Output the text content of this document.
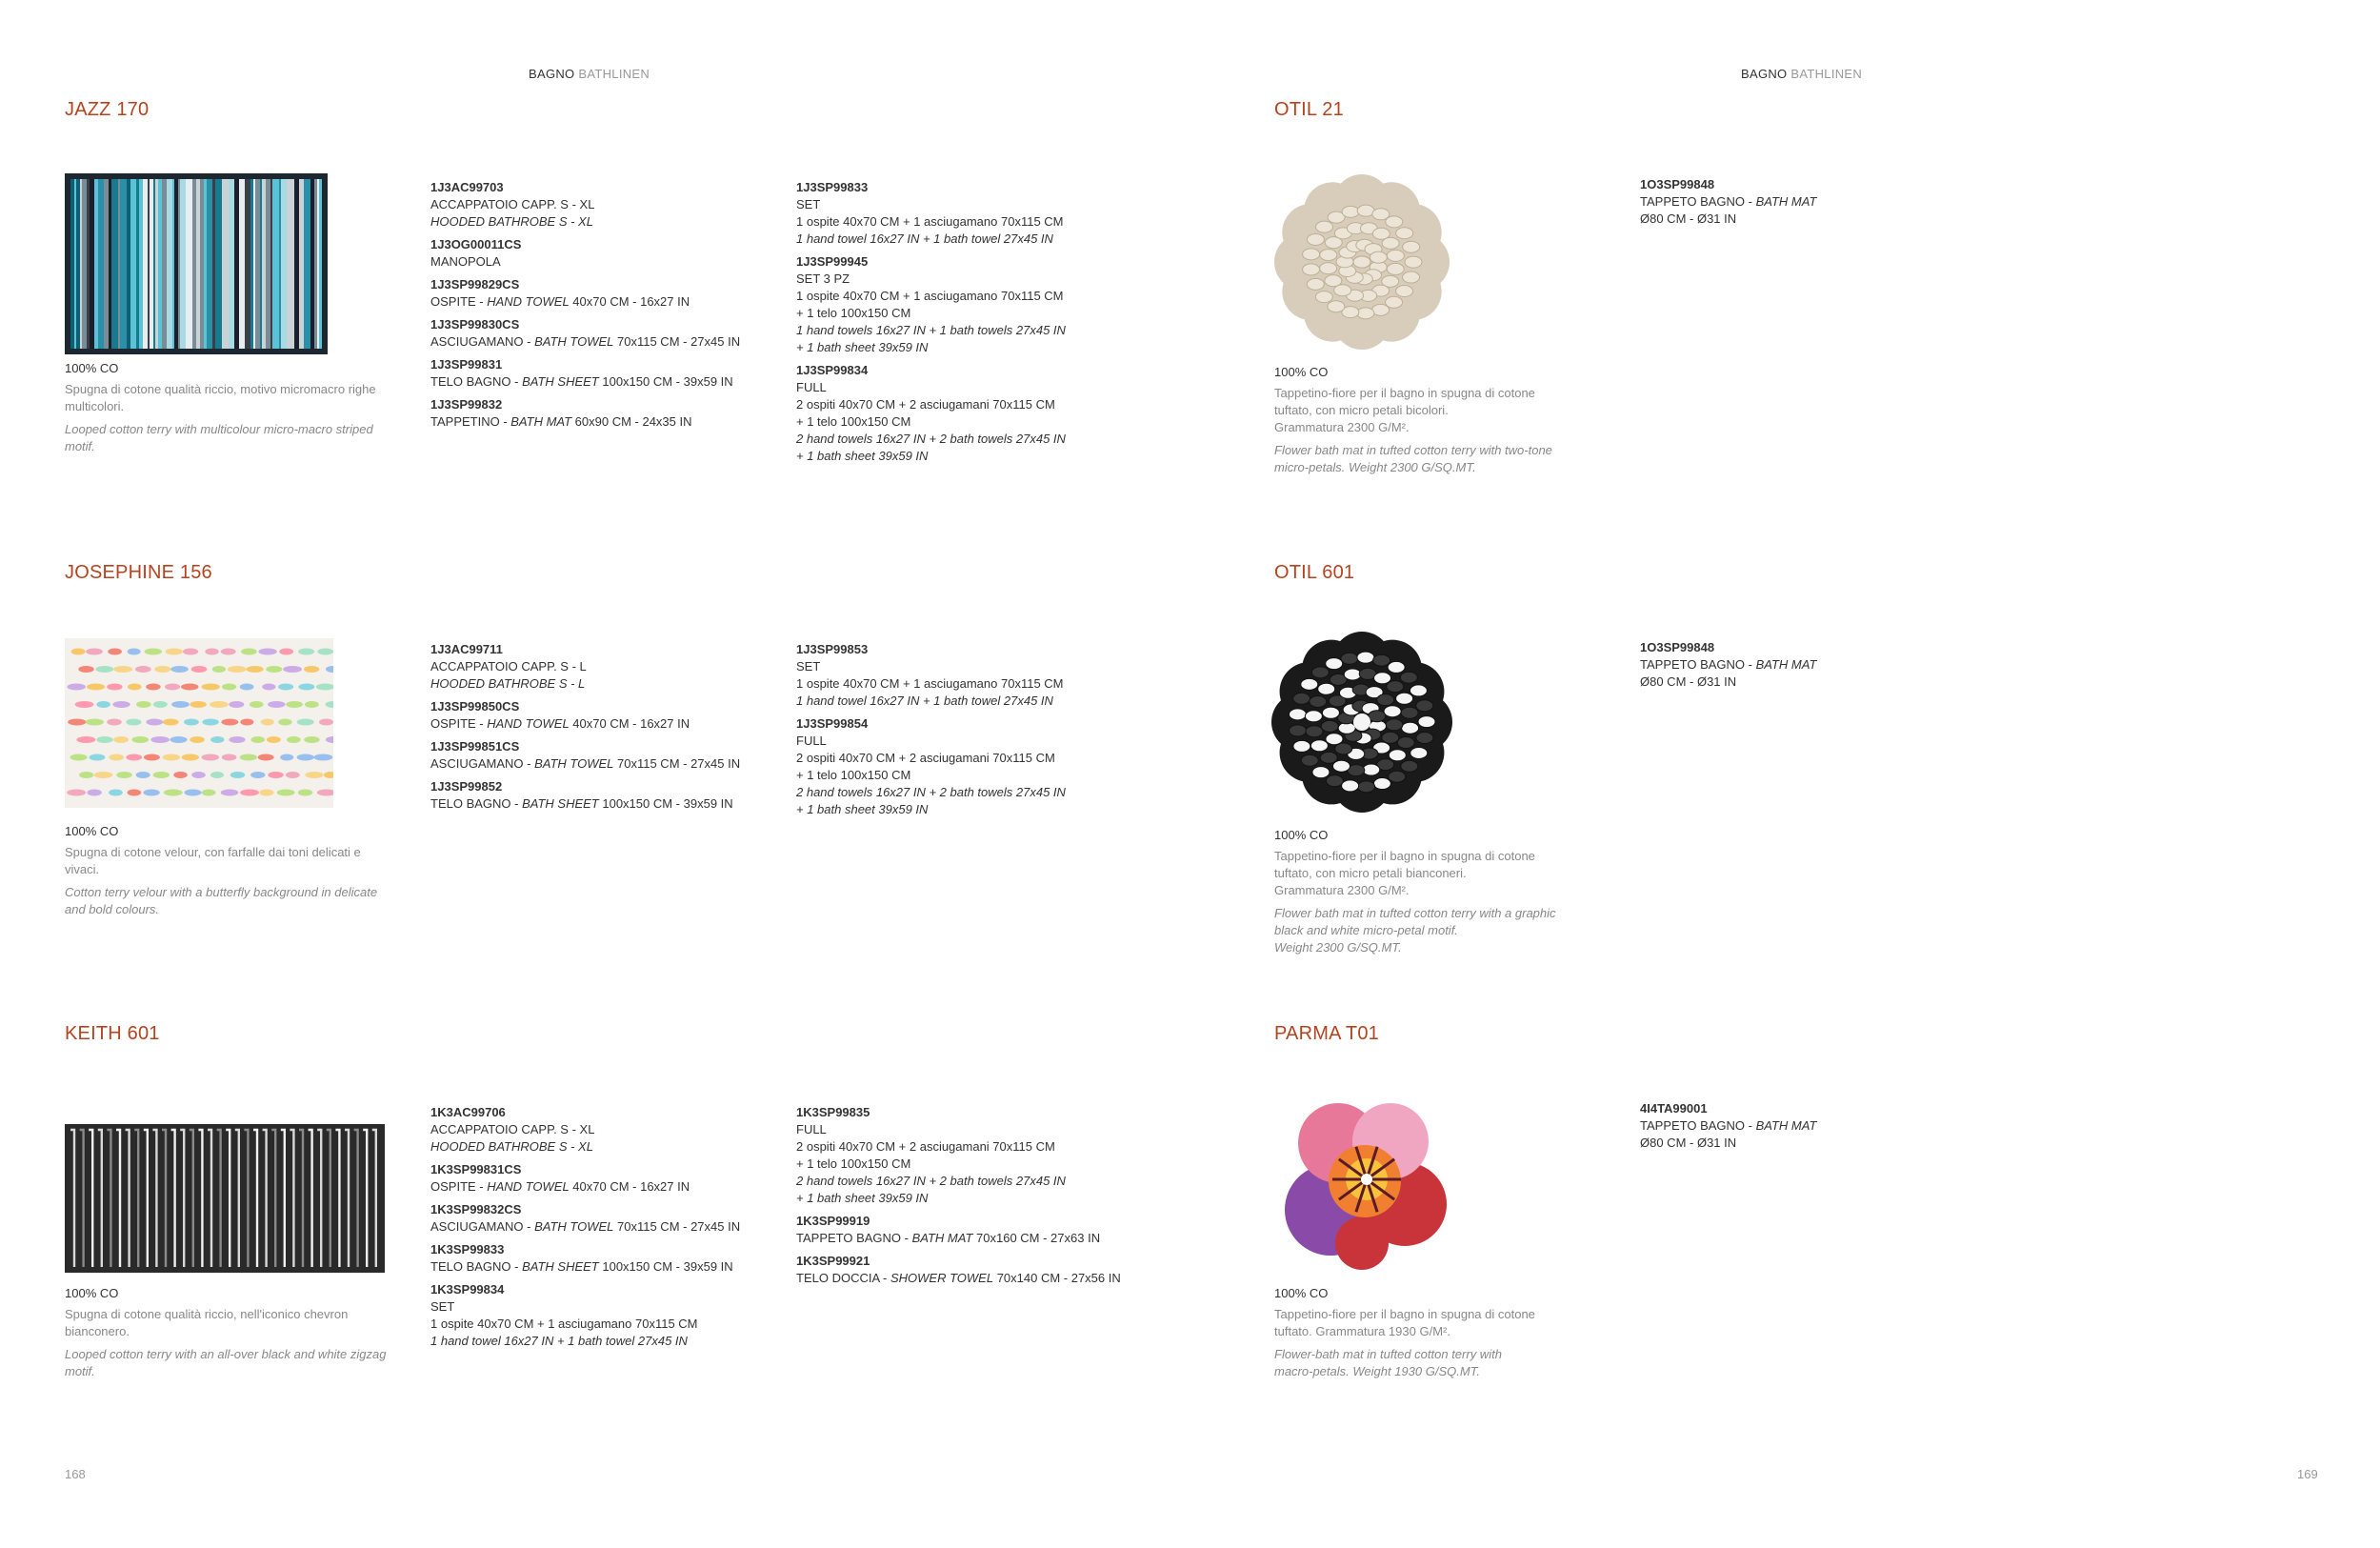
BAGNO BATHLINEN	BAGNO BATHLINEN
JAZZ 170
100% CO
Spugna di cotone qualità riccio, motivo micromacro righe multicolori.
Looped cotton terry with multicolour micro-macro striped motif.
1J3AC99703
ACCAPPATOIO CAPP. S - XL
HOODED BATHROBE S - XL
1J3OG00011CS
MANOPOLA
1J3SP99829CS
OSPITE - HAND TOWEL 40x70 CM - 16x27 IN
1J3SP99830CS
ASCIUGAMANO - BATH TOWEL 70x115 CM - 27x45 IN
1J3SP99831
TELO BAGNO - BATH SHEET 100x150 CM - 39x59 IN
1J3SP99832
TAPPETINO - BATH MAT 60x90 CM - 24x35 IN
1J3SP99833
SET
1 ospite 40x70 CM + 1 asciugamano 70x115 CM
1 hand towel 16x27 IN + 1 bath towel 27x45 IN
1J3SP99945
SET 3 PZ
1 ospite 40x70 CM + 1 asciugamano 70x115 CM
+ 1 telo 100x150 CM
1 hand towels 16x27 IN + 1 bath towels 27x45 IN
+ 1 bath sheet 39x59 IN
1J3SP99834
FULL
2 ospiti 40x70 CM + 2 asciugamani 70x115 CM
+ 1 telo 100x150 CM
2 hand towels 16x27 IN + 2 bath towels 27x45 IN
+ 1 bath sheet 39x59 IN
JOSEPHINE 156
100% CO
Spugna di cotone velour, con farfalle dai toni delicati e vivaci.
Cotton terry velour with a butterfly background in delicate and bold colours.
1J3AC99711
ACCAPPATOIO CAPP. S - L
HOODED BATHROBE S - L
1J3SP99850CS
OSPITE - HAND TOWEL 40x70 CM - 16x27 IN
1J3SP99851CS
ASCIUGAMANO - BATH TOWEL 70x115 CM - 27x45 IN
1J3SP99852
TELO BAGNO - BATH SHEET 100x150 CM - 39x59 IN
1J3SP99853
SET
1 ospite 40x70 CM + 1 asciugamano 70x115 CM
1 hand towel 16x27 IN + 1 bath towel 27x45 IN
1J3SP99854
FULL
2 ospiti 40x70 CM + 2 asciugamani 70x115 CM
+ 1 telo 100x150 CM
2 hand towels 16x27 IN + 2 bath towels 27x45 IN
+ 1 bath sheet 39x59 IN
KEITH 601
100% CO
Spugna di cotone qualità riccio, nell'iconico chevron bianconero.
Looped cotton terry with an all-over black and white zigzag motif.
1K3AC99706
ACCAPPATOIO CAPP. S - XL
HOODED BATHROBE S - XL
1K3SP99831CS
OSPITE - HAND TOWEL 40x70 CM - 16x27 IN
1K3SP99832CS
ASCIUGAMANO - BATH TOWEL 70x115 CM - 27x45 IN
1K3SP99833
TELO BAGNO - BATH SHEET 100x150 CM - 39x59 IN
1K3SP99834
SET
1 ospite 40x70 CM + 1 asciugamano 70x115 CM
1 hand towel 16x27 IN + 1 bath towel 27x45 IN
1K3SP99835
FULL
2 ospiti 40x70 CM + 2 asciugamani 70x115 CM
+ 1 telo 100x150 CM
2 hand towels 16x27 IN + 2 bath towels 27x45 IN
+ 1 bath sheet 39x59 IN
1K3SP99919
TAPPETO BAGNO - BATH MAT 70x160 CM - 27x63 IN
1K3SP99921
TELO DOCCIA - SHOWER TOWEL 70x140 CM - 27x56 IN
OTIL 21
100% CO
Tappetino-fiore per il bagno in spugna di cotone
tuftato, con micro petali bicolori.
Grammatura 2300 G/M².
Flower bath mat in tufted cotton terry with two-tone
micro-petals. Weight 2300 G/SQ.MT.
1O3SP99848
TAPPETO BAGNO - BATH MAT
Ø80 CM - Ø31 IN
OTIL 601
100% CO
Tappetino-fiore per il bagno in spugna di cotone
tuftato, con micro petali bianconeri.
Grammatura 2300 G/M².
Flower bath mat in tufted cotton terry with a graphic
black and white micro-petal motif.
Weight 2300 G/SQ.MT.
1O3SP99848
TAPPETO BAGNO - BATH MAT
Ø80 CM - Ø31 IN
PARMA T01
100% CO
Tappetino-fiore per il bagno in spugna di cotone
tuftato. Grammatura 1930 G/M².
Flower-bath mat in tufted cotton terry with
macro-petals. Weight 1930 G/SQ.MT.
4I4TA99001
TAPPETO BAGNO - BATH MAT
Ø80 CM - Ø31 IN
168	169
